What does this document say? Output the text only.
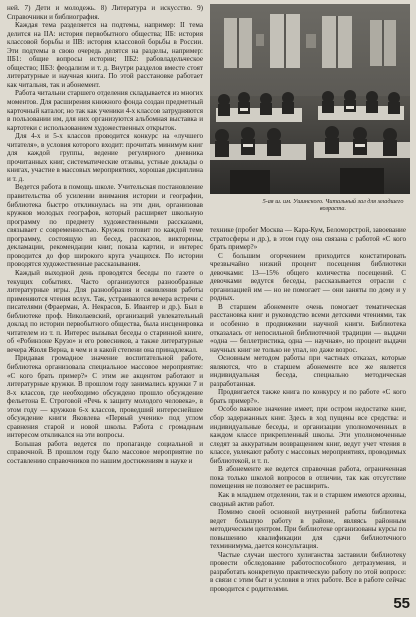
ней. 7) Дети и молодежь. 8) Литература и искусство. 9) Справочники и библиография.

Каждая тема разделяется на подтемы, например: II тема делится на IIА: история первобытного общества; IIБ: история классовой борьбы и IIВ: история классовой борьбы в России. Эти подтемы в свою очередь делятся на разделы, например: IIБ1: общие вопросы истории; IIБ2: рабовладельческое общество; IIБ3: феодализм и т. д. Внутри разделов вместе стоят литературные и научная книга. По этой расстановке работает как читальня, так и абонемент.

Работа читальни старшего отделения складывается из многих моментов. Для расширения книжного фонда создан предметный карточный каталог, но так как ученики 4-х классов затрудняются в пользовании им, для них организуются альбомная выставка и картотеки с использованием художественных открыток.

Для 4-х и 5-х классов проводится конкурс на «лучшего читателя», в условия которого входит: прочитать минимум книг для каждой группы, ведение регулярного дневника прочитанных книг, систематические отзывы, устные доклады о книгах, участие в массовых мероприятиях, хорошая дисциплина и т. д.

Ведется работа в помощь школе. Учительская постановление правительства об усилении внимания истории и географии, библиотека быстро откликнулась на эти дни, организовав кружков молодых географов, который расширяет школьную программу по предмету художественными рассказами, связывает с современностью. Кружок готовит по каждой теме программу, состоящую из бесед, рассказов, викторины, декламации, рекомендации книг, показа картин, и интерес проводится до фор широкого круга учащихся. По истории проводятся художественные рассказывания.

Каждый выходной день проводятся беседы по газете о текущих событиях. Часто организуются разнообразные литературные игры. Для разнообразия и оживления работы применяются чтения вслух. Так, устраиваются вечера встречи с писателями (Фраерман, А. Некрасов, Б. Ивантер и др.). Был в библиотеке проф. Николаевский, организаций увлекательный доклад по истории первобытного общества, была инсценировка читателем из т. п. Интерес вызывал беседы о старинной книге, об «Робинзоне Крузо» и его ровесников, а также литературные вечера Жюля Верна, в чем и в какой степени она принадлежал.

Придавая громадное значение воспитательной работе, библиотека организовала специальное массовое мероприятие: «С кого брать пример?» С этим же акцентом работают и литературные кружки. В прошлом году занимались кружки 7 и 8-х классов, где необходимо обсуждено прошло обсуждение фельетона Е. Строговой «Речь к защиту молодого человека», в этом году — кружков 6-х классов, проведший интереснейшее обсуждение книги Яковлева «Первый ученик» под углом сравнения старой и новой школы. Работа с громадным интересом откликался на эти вопросы.

Большая работа ведется по пропаганде социальной и справочной. В прошлом году было массовое мероприятие по составлению справочников по нашим достижениям в науке и

5-ая ш. им. Ушинского. Читальный зал для младшего возраста.

технике (пробег Москва — Кара-Кум, Беломорстрой, завоевание стратосферы и др.), в этом году она связана с работой «С кого брать пример?»

С большим огорчением приходится констатировать чрезвычайно низкий процент посещения библиотеки девочками: 13—15% общего количества посещений. С девочками ведутся беседы, рассказывается отрасли с организацией им — но не помогает — они заняты по дому и у родных.

В старшем абонементе очень помогает тематическая расстановка книг и руководство всеми детскими чтениями, так и особенно в продвижении научной книги. Библиотека отказалась от непосильной библиотечной традиции — выдачи «одна — беллетристика, одна — научная», но процент выдачи научных книг не только не упал, но даже возрос.

Основным методом работы при частных отказах, которые являются, что в старшем абонементе все же является индивидуальная беседа, специально методическая разработанная.

Продвигается также книга по конкурсу и по работе «С кого брать пример?».

Особо важное значение имеет, при остром недостатке книг, сбор задержанных книг. Здесь в ход пущены все средства: и индивидуальные беседы, и организации уполномоченных в каждом классе прикрепленный школы. Эти уполномоченные следят за аккуратным возвращением книг, ведут учет чтения в классе, увлекают работу с массовых мероприятиях, проводимых библиотекой, и т. п.

В абонементе же ведется справочная работа, ограниченная пока только школой вопросов в отличии, так как отсутствие помещения не позволяет ее расширить.

Как в младшем отделении, так и в старшем имеются архивы, сводный актив работ.

Помимо своей основной внутренней работы библиотека ведет большую работу в районе, являясь районным методическим центром. При библиотеке организованы курсы по повышению квалификации для сдачи библиотечного техминимума, дается консультация.

Частые случаи шестого хулиганства заставили библиотеку провести обследование работоспособного детразумения, и разработать конкретную практическую работу по этой вопросе: в связи с этим быт и условия в этих работе. Все в работе сейчас проводится с родителями.

55
